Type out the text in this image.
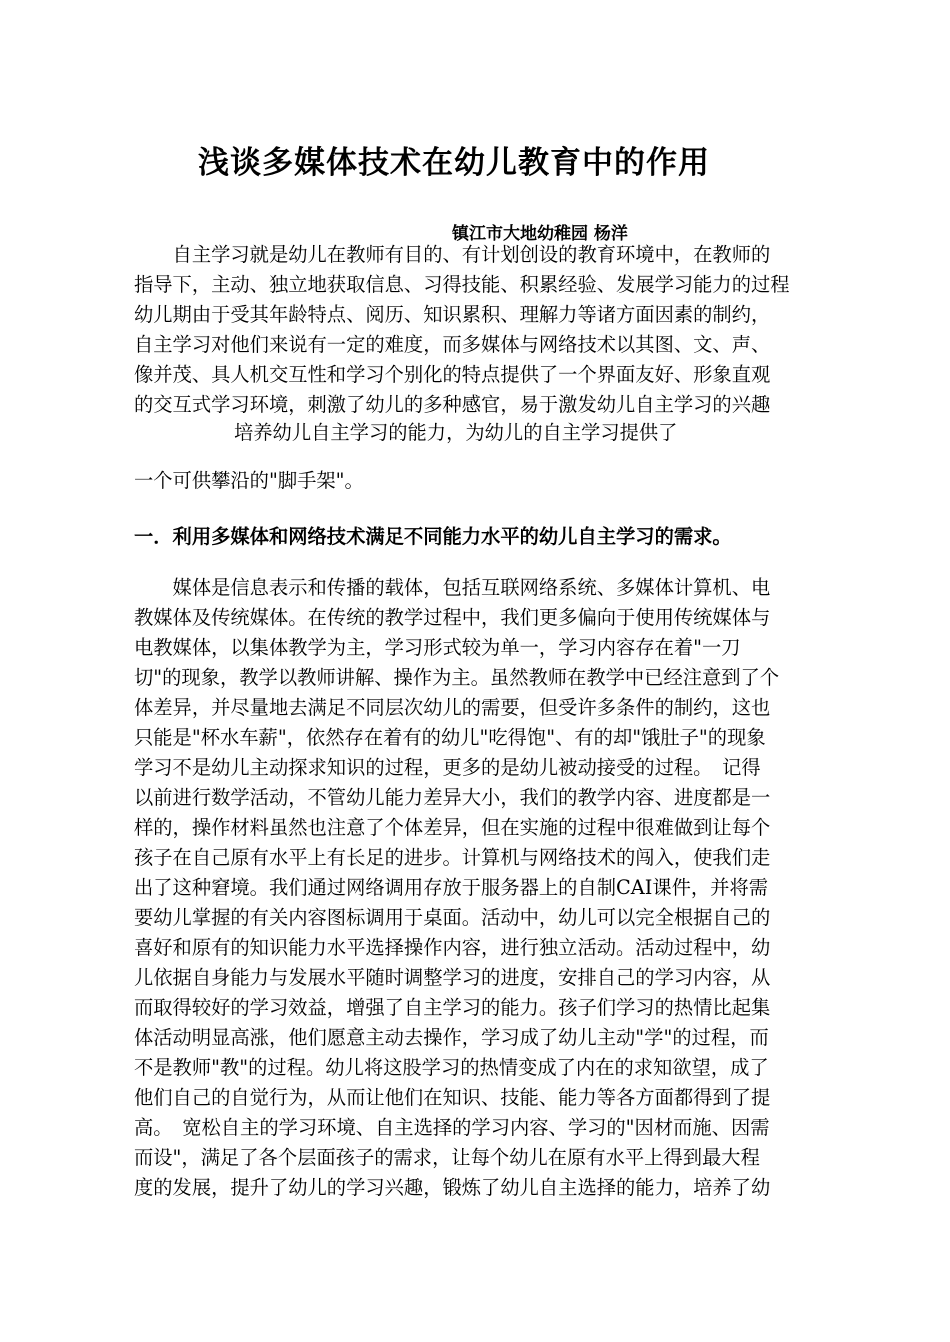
浅谈多媒体技术在幼儿教育中的作用
镇江市大地幼稚园 杨洋
　　自主学习就是幼儿在教师有目的、有计划创设的教育环境中，在教师的
指导下，主动、独立地获取信息、习得技能、积累经验、发展学习能力的过程
幼儿期由于受其年龄特点、阅历、知识累积、理解力等诸方面因素的制约，
自主学习对他们来说有一定的难度，而多媒体与网络技术以其图、文、声、
像并茂、具人机交互性和学习个别化的特点提供了一个界面友好、形象直观
的交互式学习环境，刺激了幼儿的多种感官，易于激发幼儿自主学习的兴趣
培养幼儿自主学习的能力，为幼儿的自主学习提供了
一个可供攀沿的"脚手架"。
一．利用多媒体和网络技术满足不同能力水平的幼儿自主学习的需求。
　　媒体是信息表示和传播的载体，包括互联网络系统、多媒体计算机、电
教媒体及传统媒体。在传统的教学过程中，我们更多偏向于使用传统媒体与
电教媒体，以集体教学为主，学习形式较为单一，学习内容存在着"一刀
切"的现象，教学以教师讲解、操作为主。虽然教师在教学中已经注意到了个
体差异，并尽量地去满足不同层次幼儿的需要，但受许多条件的制约，这也
只能是"杯水车薪"，依然存在着有的幼儿"吃得饱"、有的却"饿肚子"的现象
学习不是幼儿主动探求知识的过程，更多的是幼儿被动接受的过程。　记得
以前进行数学活动，不管幼儿能力差异大小，我们的教学内容、进度都是一
样的，操作材料虽然也注意了个体差异，但在实施的过程中很难做到让每个
孩子在自己原有水平上有长足的进步。计算机与网络技术的闯入，使我们走
出了这种窘境。我们通过网络调用存放于服务器上的自制CAI课件，并将需
要幼儿掌握的有关内容图标调用于桌面。活动中，幼儿可以完全根据自己的
喜好和原有的知识能力水平选择操作内容，进行独立活动。活动过程中，幼
儿依据自身能力与发展水平随时调整学习的进度，安排自己的学习内容，从
而取得较好的学习效益，增强了自主学习的能力。孩子们学习的热情比起集
体活动明显高涨，他们愿意主动去操作，学习成了幼儿主动"学"的过程，而
不是教师"教"的过程。幼儿将这股学习的热情变成了内在的求知欲望，成了
他们自己的自觉行为，从而让他们在知识、技能、能力等各方面都得到了提
高。　宽松自主的学习环境、自主选择的学习内容、学习的"因材而施、因需
而设"，满足了各个层面孩子的需求，让每个幼儿在原有水平上得到最大程
度的发展，提升了幼儿的学习兴趣，锻炼了幼儿自主选择的能力，培养了幼
